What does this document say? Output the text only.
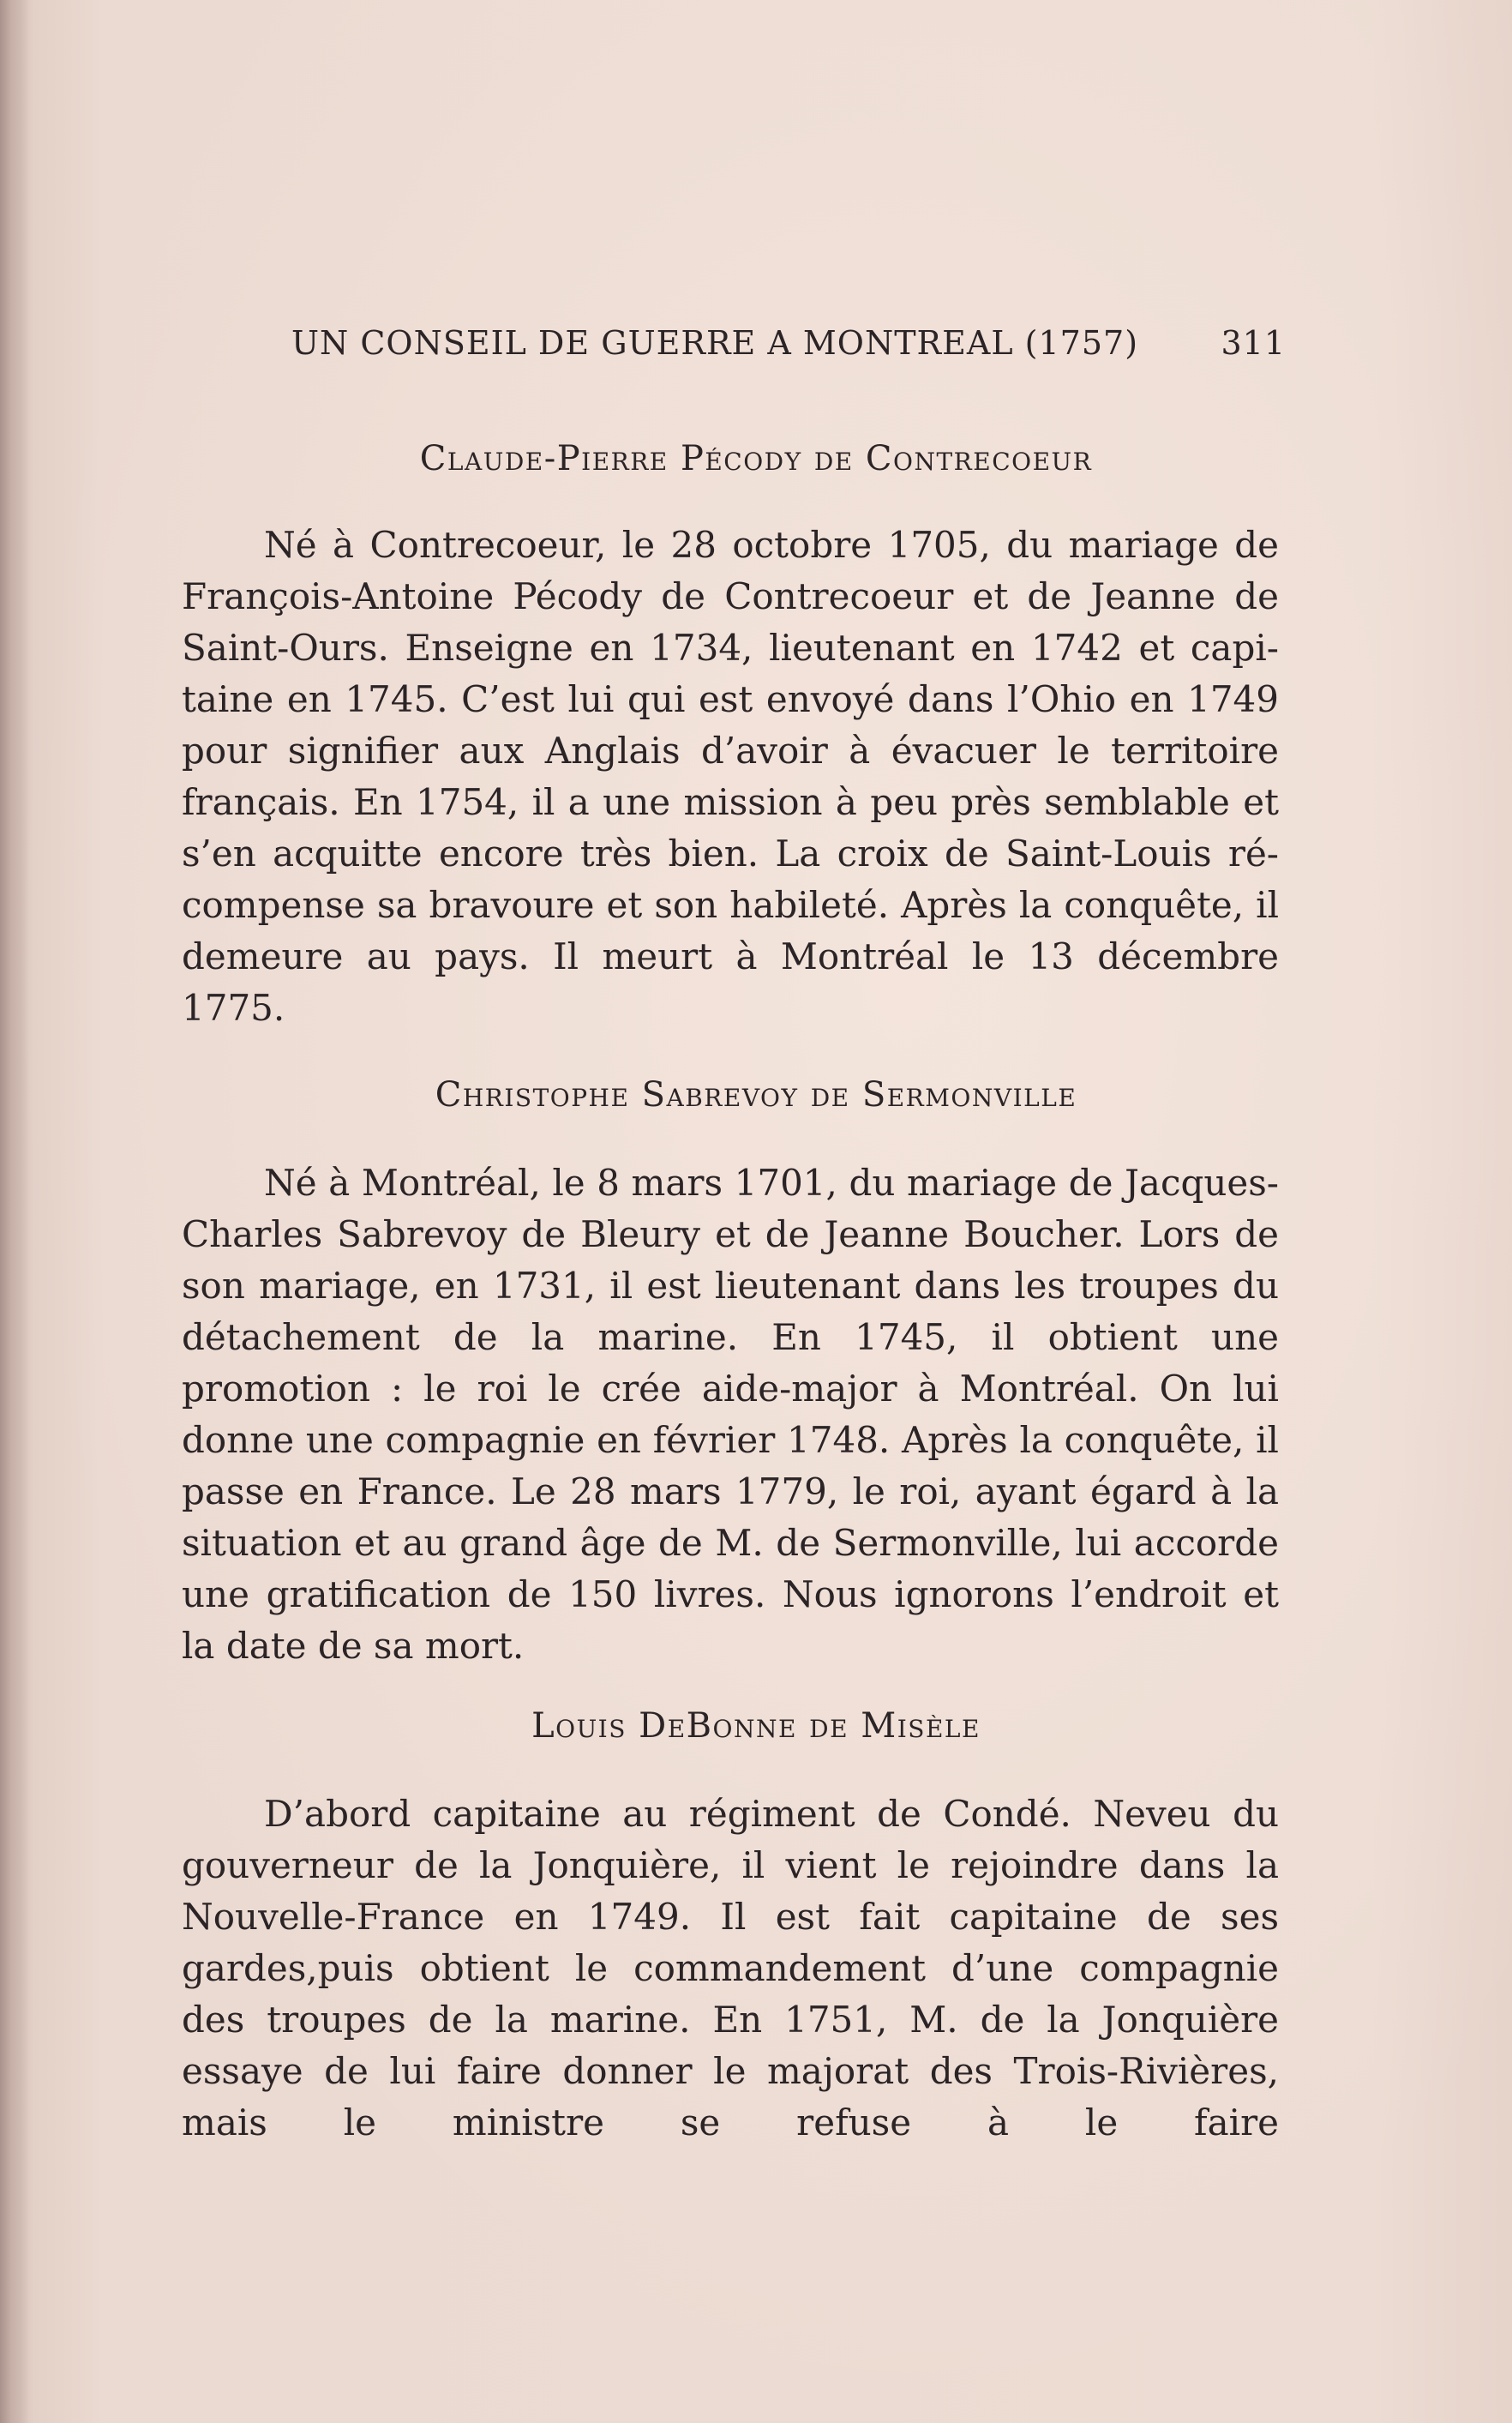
UN CONSEIL DE GUERRE A MONTREAL (1757)	311
Claude-Pierre Pécody de Contrecoeur

Né à Contrecoeur, le 28 octobre 1705, du mariage de François-Antoine Pécody de Contrecoeur et de Jeanne de Saint-Ours. Enseigne en 1734, lieutenant en 1742 et capitaine en 1745. C’est lui qui est envoyé dans l’Ohio en 1749 pour signifier aux Anglais d’avoir à évacuer le territoire français. En 1754, il a une mission à peu près semblable et s’en acquitte encore très bien. La croix de Saint-Louis récompense sa bravoure et son habileté. Après la conquête, il demeure au pays. Il meurt à Montréal le 13 décembre 1775.

Christophe Sabrevoy de Sermonville

Né à Montréal, le 8 mars 1701, du mariage de Jacques-Charles Sabrevoy de Bleury et de Jeanne Boucher. Lors de son mariage, en 1731, il est lieutenant dans les troupes du détachement de la marine. En 1745, il obtient une promotion : le roi le crée aide-major à Montréal. On lui donne une compagnie en février 1748. Après la conquête, il passe en France. Le 28 mars 1779, le roi, ayant égard à la situation et au grand âge de M. de Sermonville, lui accorde une gratification de 150 livres. Nous ignorons l’endroit et la date de sa mort.

Louis DeBonne de Misèle

D’abord capitaine au régiment de Condé. Neveu du gouverneur de la Jonquière, il vient le rejoindre dans la Nouvelle-France en 1749. Il est fait capitaine de ses gardes,puis obtient le commandement d’une compagnie des troupes de la marine. En 1751, M. de la Jonquière essaye de lui faire donner le majorat des Trois-Rivières, mais le ministre se refuse à le faire
